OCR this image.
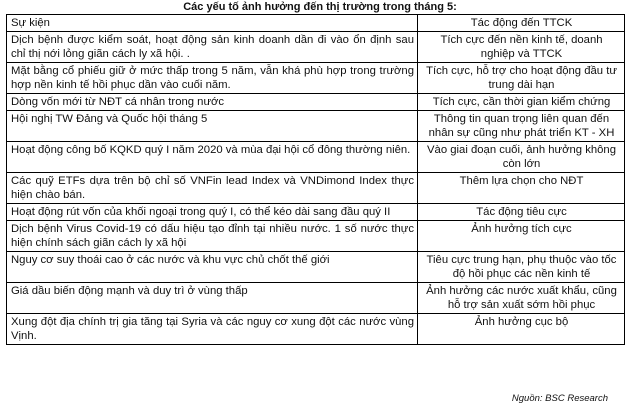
Các yếu tố ảnh hưởng đến thị trường trong tháng 5:
Sự kiện	Tác động đến TTCK
Dịch bệnh được kiểm soát, hoạt động sản kinh doanh dần đi vào ổn định sau chỉ thị nới lỏng giãn cách ly xã hội. .	Tích cực đến nền kinh tế, doanh nghiệp và TTCK
Mặt bằng cổ phiếu giữ ở mức thấp trong 5 năm, vẫn khá phù hợp trong trường hợp nền kinh tế hồi phục dần vào cuối năm.	Tích cực, hỗ trợ cho hoạt động đầu tư trung dài hạn
Dòng vốn mới từ NĐT cá nhân trong nước	Tích cực, cần thời gian kiểm chứng
Hội nghị TW Đảng và Quốc hội tháng 5	Thông tin quan trọng liên quan đến nhân sự cũng như phát triển KT - XH
Hoạt động công bố KQKD quý I năm 2020 và mùa đại hội cổ đông thường niên.	Vào giai đoạn cuối, ảnh hưởng không còn lớn
Các quỹ ETFs dựa trên bộ chỉ số VNFin lead Index và VNDimond Index thực hiện chào bán.	Thêm lựa chọn cho NĐT
Hoạt động rút vốn của khối ngoại trong quý I, có thể kéo dài sang đầu quý II	Tác động tiêu cực
Dịch bệnh Virus Covid-19 có dấu hiệu tạo đỉnh tại nhiều nước. 1 số nước thực hiện chính sách giãn cách ly xã hội	Ảnh hưởng tích cực
Nguy cơ suy thoái cao ở các nước và khu vực chủ chốt thế giới	Tiêu cực trung hạn, phụ thuộc vào tốc độ hồi phục các nền kinh tế
Giá dầu biến động mạnh và duy trì ở vùng thấp	Ảnh hưởng các nước xuất khẩu, cũng hỗ trợ sản xuất sớm hồi phục
Xung đột địa chính trị gia tăng tại Syria và các nguy cơ xung đột các nước vùng Vịnh.	Ảnh hưởng cục bộ
Nguồn: BSC Research
